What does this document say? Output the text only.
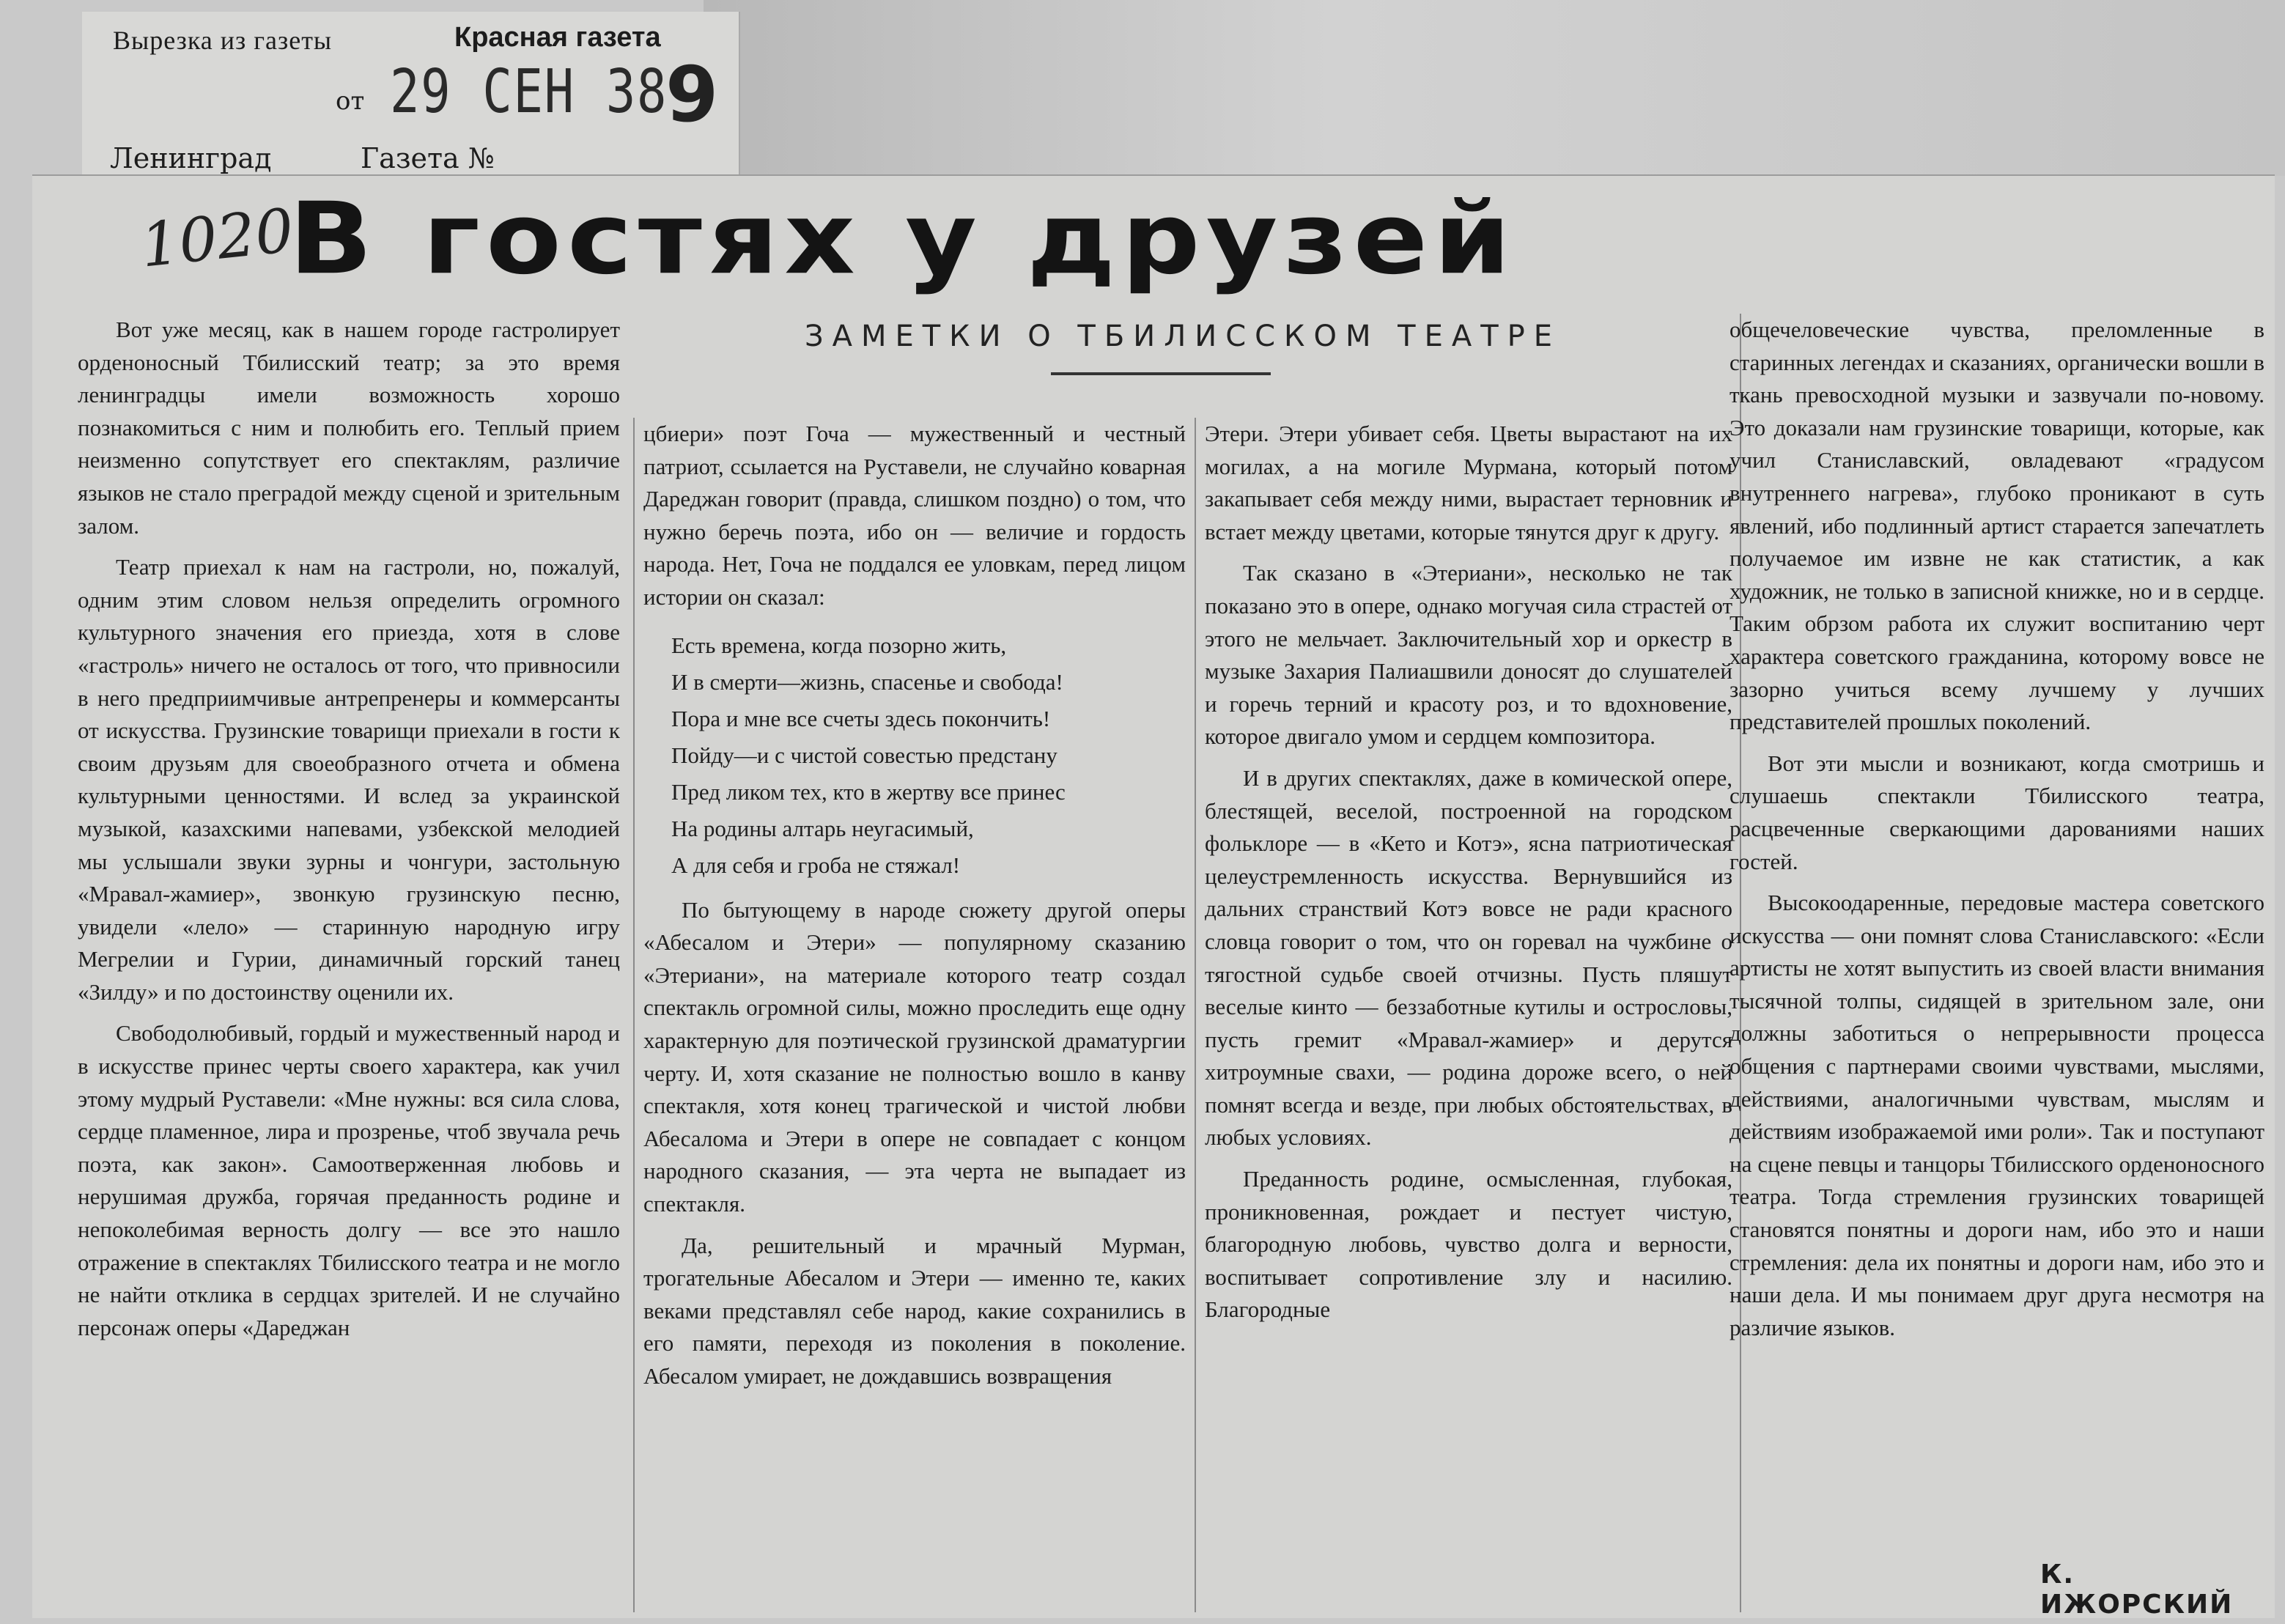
Вырезка из газеты	Красная газета
от 29 СЕН 38
9
Ленинград	Газета №
1020
В гостях у друзей
ЗАМЕТКИ О ТБИЛИССКОМ ТЕАТРЕ

Вот уже месяц, как в нашем городе гастролирует орденоносный Тбилисский театр; за это время ленинградцы имели возможность хорошо познакомиться с ним и полюбить его. Теплый прием неизменно сопутствует его спектаклям, различие языков не стало преградой между сценой и зрительным залом.

Театр приехал к нам на гастроли, но, пожалуй, одним этим словом нельзя определить огромного культурного значения его приезда, хотя в слове «гастроль» ничего не осталось от того, что привносили в него предприимчивые антрепренеры и коммерсанты от искусства. Грузинские товарищи приехали в гости к своим друзьям для своеобразного отчета и обмена культурными ценностями. И вслед за украинской музыкой, казахскими напевами, узбекской мелодией мы услышали звуки зурны и чонгури, застольную «Мравал-жамиер», звонкую грузинскую песню, увидели «лело» — старинную народную игру Мегрелии и Гурии, динамичный горский танец «Зилду» и по достоинству оценили их.

Свободолюбивый, гордый и мужественный народ и в искусстве принес черты своего характера, как учил этому мудрый Руставели: «Мне нужны: вся сила слова, сердце пламенное, лира и прозренье, чтоб звучала речь поэта, как закон». Самоотверженная любовь и нерушимая дружба, горячая преданность родине и непоколебимая верность долгу — все это нашло отражение в спектаклях Тбилисского театра и не могло не найти отклика в сердцах зрителей. И не случайно персонаж оперы «Дареджан

цбиери» поэт Гоча — мужественный и честный патриот, ссылается на Руставели, не случайно коварная Дареджан говорит (правда, слишком поздно) о том, что нужно беречь поэта, ибо он — величие и гордость народа. Нет, Гоча не поддался ее уловкам, перед лицом истории он сказал:

Есть времена, когда позорно жить,
И в смерти—жизнь, спасенье и свобода!
Пора и мне все счеты здесь покончить!
Пойду—и с чистой совестью предстану
Пред ликом тех, кто в жертву все принес
На родины алтарь неугасимый,
А для себя и гроба не стяжал!

По бытующему в народе сюжету другой оперы «Абесалом и Этери» — популярному сказанию «Этериани», на материале которого театр создал спектакль огромной силы, можно проследить еще одну характерную для поэтической грузинской драматургии черту. И, хотя сказание не полностью вошло в канву спектакля, хотя конец трагической и чистой любви Абесалома и Этери в опере не совпадает с концом народного сказания, — эта черта не выпадает из спектакля.

Да, решительный и мрачный Мурман, трогательные Абесалом и Этери — именно те, каких веками представлял себе народ, какие сохранились в его памяти, переходя из поколения в поколение. Абесалом умирает, не дождавшись возвращения

Этери. Этери убивает себя. Цветы вырастают на их могилах, а на могиле Мурмана, который потом закапывает себя между ними, вырастает терновник и встает между цветами, которые тянутся друг к другу.

Так сказано в «Этериани», несколько не так показано это в опере, однако могучая сила страстей от этого не мельчает. Заключительный хор и оркестр в музыке Захария Палиашвили доносят до слушателей и горечь терний и красоту роз, и то вдохновение, которое двигало умом и сердцем композитора.

И в других спектаклях, даже в комической опере, блестящей, веселой, построенной на городском фольклоре — в «Кето и Котэ», ясна патриотическая целеустремленность искусства. Вернувшийся из дальних странствий Котэ вовсе не ради красного словца говорит о том, что он горевал на чужбине о тягостной судьбе своей отчизны. Пусть пляшут веселые кинто — беззаботные кутилы и остроcловы, пусть гремит «Мравал-жамиер» и дерутся хитроумные свахи, — родина дороже всего, о ней помнят всегда и везде, при любых обстоятельствах, в любых условиях.

Преданность родине, осмысленная, глубокая, проникновенная, рождает и пестует чистую, благородную любовь, чувство долга и верности, воспитывает сопротивление злу и насилию. Благородные

общечеловеческие чувства, преломленные в старинных легендах и сказаниях, органически вошли в ткань превосходной музыки и зазвучали по-новому. Это доказали нам грузинские товарищи, которые, как учил Станиславский, овладевают «градусом внутреннего нагрева», глубоко проникают в суть явлений, ибо подлинный артист старается запечатлеть получаемое им извне не как статистик, а как художник, не только в записной книжке, но и в сердце. Таким обрзом работа их служит воспитанию черт характера советского гражданина, которому вовсе не зазорно учиться всему лучшему у лучших представителей прошлых поколений.

Вот эти мысли и возникают, когда смотришь и слушаешь спектакли Тбилисского театра, расцвеченные сверкающими дарованиями наших гостей.

Высокоодаренные, передовые мастера советского искусства — они помнят слова Станиславского: «Если артисты не хотят выпустить из своей власти внимания тысячной толпы, сидящей в зрительном зале, они должны заботиться о непрерывности процесса общения с партнерами своими чувствами, мыслями, действиями, аналогичными чувствам, мыслям и действиям изображаемой ими роли». Так и поступают на сцене певцы и танцоры Тбилисского орденоносного театра. Тогда стремления грузинских товарищей становятся понятны и дороги нам, ибо это и наши стремления: дела их понятны и дороги нам, ибо это и наши дела. И мы понимаем друг друга несмотря на различие языков.

К. ИЖОРСКИЙ
